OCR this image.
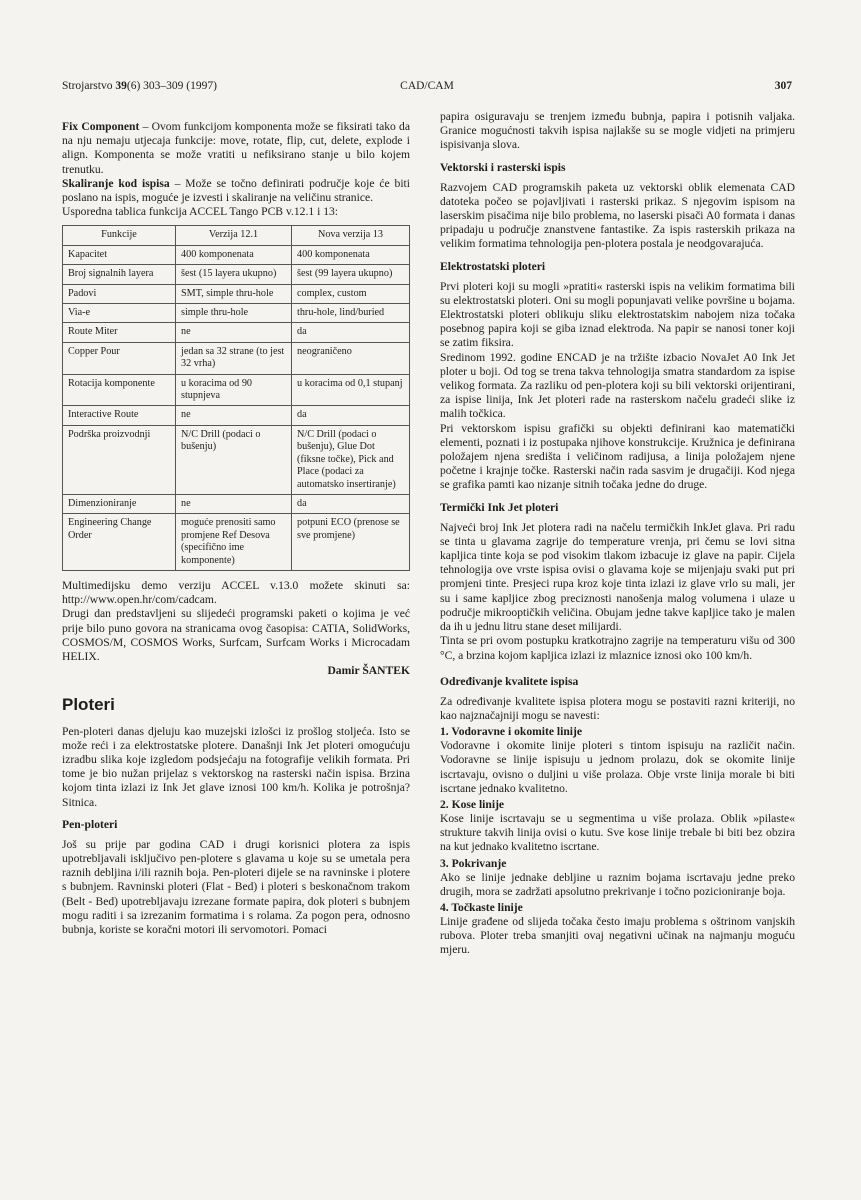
Strojarstvo 39(6) 303–309 (1997)	CAD/CAM	307

Fix Component – Ovom funkcijom komponenta može se fiksirati tako da na nju nemaju utjecaja funkcije: move, rotate, flip, cut, delete, explode i align. Komponenta se može vratiti u nefiksirano stanje u bilo kojem trenutku.

Skaliranje kod ispisa – Može se točno definirati područje koje će biti poslano na ispis, moguće je izvesti i skaliranje na veličinu stranice.

Usporedna tablica funkcija ACCEL Tango PCB v.12.1 i 13:

Funkcije	Verzija 12.1	Nova verzija 13
Kapacitet	400 komponenata	400 komponenata
Broj signalnih layera	šest (15 layera ukupno)	šest (99 layera ukupno)
Padovi	SMT, simple thru-hole	complex, custom
Via-e	simple thru-hole	thru-hole, lind/buried
Route Miter	ne	da
Copper Pour	jedan sa 32 strane (to jest 32 vrha)	neograničeno
Rotacija komponente	u koracima od 90 stupnjeva	u koracima od 0,1 stupanj
Interactive Route	ne	da
Podrška proizvodnji	N/C Drill (podaci o bušenju)	N/C Drill (podaci o bušenju), Glue Dot (fiksne točke), Pick and Place (podaci za automatsko insertiranje)
Dimenzioniranje	ne	da
Engineering Change Order	moguće prenositi samo promjene Ref Desova (specifično ime komponente)	potpuni ECO (prenose se sve promjene)

Multimedijsku demo verziju ACCEL v.13.0 možete skinuti sa: http://www.open.hr/com/cadcam.

Drugi dan predstavljeni su slijedeći programski paketi o kojima je već prije bilo puno govora na stranicama ovog časopisa: CATIA, SolidWorks, COSMOS/M, COSMOS Works, Surfcam, Surfcam Works i Microcadam HELIX.

Damir ŠANTEK

Ploteri

Pen-ploteri danas djeluju kao muzejski izlošci iz prošlog stoljeća. Isto se može reći i za elektrostatske plotere. Današnji Ink Jet ploteri omogućuju izradbu slika koje izgledom podsjećaju na fotografije velikih formata. Pri tome je bio nužan prijelaz s vektorskog na rasterski način ispisa. Brzina kojom tinta izlazi iz Ink Jet glave iznosi 100 km/h. Kolika je potrošnja? Sitnica.

Pen-ploteri

Još su prije par godina CAD i drugi korisnici plotera za ispis upotrebljavali isključivo pen-plotere s glavama u koje su se umetala pera raznih debljina i/ili raznih boja. Pen-ploteri dijele se na ravninske i plotere s bubnjem. Ravninski ploteri (Flat - Bed) i ploteri s beskonačnom trakom (Belt - Bed) upotrebljavaju izrezane formate papira, dok ploteri s bubnjem mogu raditi i sa izrezanim formatima i s rolama. Za pogon pera, odnosno bubnja, koriste se koračni motori ili servomotori. Pomaci

papira osiguravaju se trenjem između bubnja, papira i potisnih valjaka. Granice mogućnosti takvih ispisa najlakše su se mogle vidjeti na primjeru ispisivanja slova.

Vektorski i rasterski ispis

Razvojem CAD programskih paketa uz vektorski oblik elemenata CAD datoteka počeo se pojavljivati i rasterski prikaz. S njegovim ispisom na laserskim pisačima nije bilo problema, no laserski pisači A0 formata i danas pripadaju u područje znanstvene fantastike. Za ispis rasterskih prikaza na velikim formatima tehnologija pen-plotera postala je neodgovarajuća.

Elektrostatski ploteri

Prvi ploteri koji su mogli »pratiti« rasterski ispis na velikim formatima bili su elektrostatski ploteri. Oni su mogli popunjavati velike površine u bojama. Elektrostatski ploteri oblikuju sliku elektrostatskim nabojem niza točaka posebnog papira koji se giba iznad elektroda. Na papir se nanosi toner koji se zatim fiksira.

Sredinom 1992. godine ENCAD je na tržište izbacio NovaJet A0 Ink Jet ploter u boji. Od tog se trena takva tehnologija smatra standardom za ispise velikog formata. Za razliku od pen-plotera koji su bili vektorski orijentirani, za ispise linija, Ink Jet ploteri rade na rasterskom načelu gradeći slike iz malih točkica.

Pri vektorskom ispisu grafički su objekti definirani kao matematički elementi, poznati i iz postupaka njihove konstrukcije. Kružnica je definirana položajem njena središta i veličinom radijusa, a linija položajem njene početne i krajnje točke. Rasterski način rada sasvim je drugačiji. Kod njega se grafika pamti kao nizanje sitnih točaka jedne do druge.

Termički Ink Jet ploteri

Najveći broj Ink Jet plotera radi na načelu termičkih InkJet glava. Pri radu se tinta u glavama zagrije do temperature vrenja, pri čemu se lovi sitna kapljica tinte koja se pod visokim tlakom izbacuje iz glave na papir. Cijela tehnologija ove vrste ispisa ovisi o glavama koje se mijenjaju svaki put pri promjeni tinte. Presjeci rupa kroz koje tinta izlazi iz glave vrlo su mali, jer su i same kapljice zbog preciznosti nanošenja malog volumena i ulaze u područje mikrooptičkih veličina. Obujam jedne takve kapljice tako je malen da ih u jednu litru stane deset milijardi.

Tinta se pri ovom postupku kratkotrajno zagrije na temperaturu višu od 300 °C, a brzina kojom kapljica izlazi iz mlaznice iznosi oko 100 km/h.

Određivanje kvalitete ispisa

Za određivanje kvalitete ispisa plotera mogu se postaviti razni kriteriji, no kao najznačajniji mogu se navesti:

1. Vodoravne i okomite linije

Vodoravne i okomite linije ploteri s tintom ispisuju na različit način. Vodoravne se linije ispisuju u jednom prolazu, dok se okomite linije iscrtavaju, ovisno o duljini u više prolaza. Obje vrste linija morale bi biti iscrtane jednako kvalitetno.

2. Kose linije

Kose linije iscrtavaju se u segmentima u više prolaza. Oblik »pilaste« strukture takvih linija ovisi o kutu. Sve kose linije trebale bi biti bez obzira na kut jednako kvalitetno iscrtane.

3. Pokrivanje

Ako se linije jednake debljine u raznim bojama iscrtavaju jedne preko drugih, mora se zadržati apsolutno prekrivanje i točno pozicioniranje boja.

4. Točkaste linije

Linije građene od slijeda točaka često imaju problema s oštrinom vanjskih rubova. Ploter treba smanjiti ovaj negativni učinak na najmanju moguću mjeru.
